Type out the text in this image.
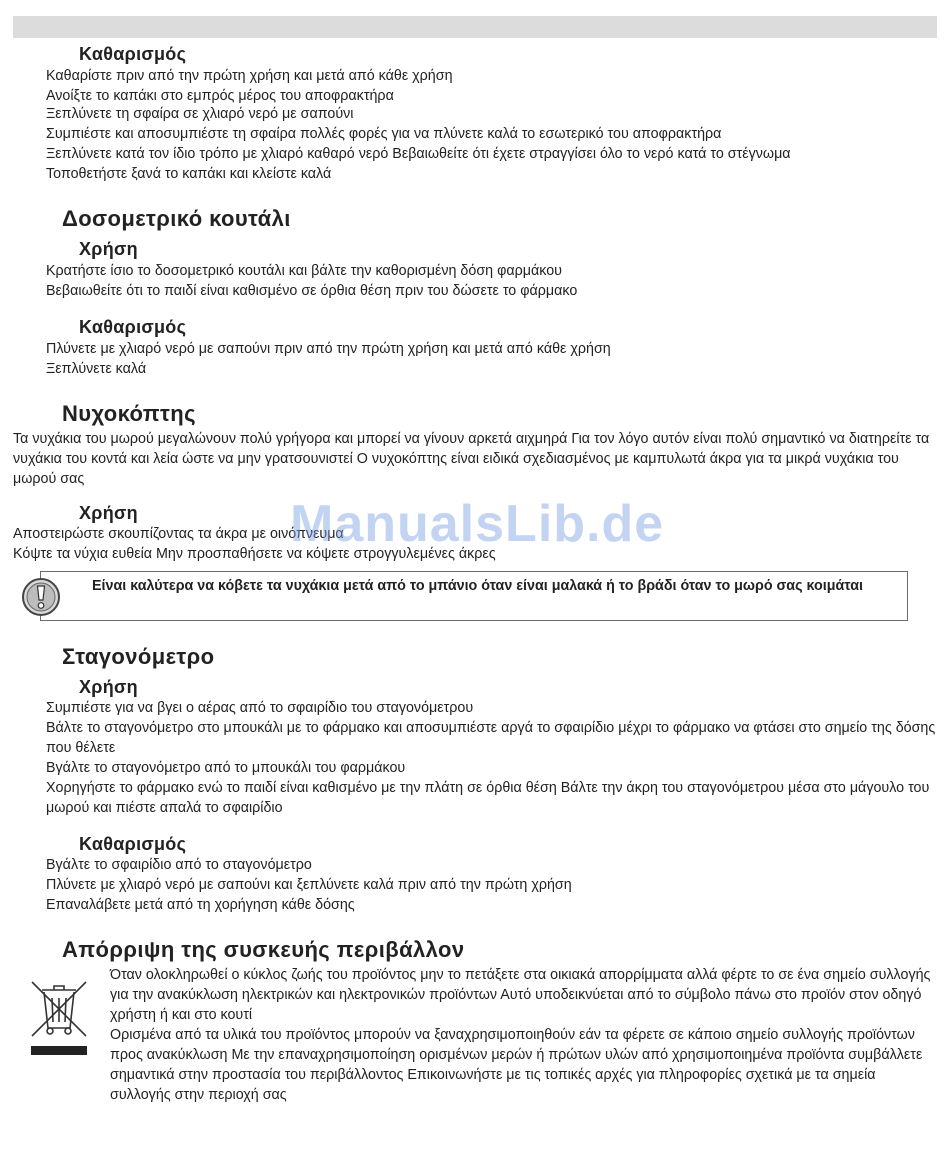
Καθαρισμός
Καθαρίστε πριν από την πρώτη χρήση και μετά από κάθε χρήση
Ανοίξτε το καπάκι στο εμπρός μέρος του αποφρακτήρα
Ξεπλύνετε τη σφαίρα σε χλιαρό νερό με σαπούνι
Συμπιέστε και αποσυμπιέστε τη σφαίρα πολλές φορές για να πλύνετε καλά το εσωτερικό του αποφρακτήρα
Ξεπλύνετε κατά τον ίδιο τρόπο με χλιαρό καθαρό νερό Βεβαιωθείτε ότι έχετε στραγγίσει όλο το νερό κατά το στέγνωμα
Τοποθετήστε ξανά το καπάκι και κλείστε καλά
Δοσομετρικό κουτάλι
Χρήση
Κρατήστε ίσιο το δοσομετρικό κουτάλι και βάλτε την καθορισμένη δόση φαρμάκου
Βεβαιωθείτε ότι το παιδί είναι καθισμένο σε όρθια θέση πριν του δώσετε το φάρμακο
Καθαρισμός
Πλύνετε με χλιαρό νερό με σαπούνι πριν από την πρώτη χρήση και μετά από κάθε χρήση
Ξεπλύνετε καλά
Νυχοκόπτης
Τα νυχάκια του μωρού μεγαλώνουν πολύ γρήγορα και μπορεί να γίνουν αρκετά αιχμηρά Για τον λόγο αυτόν είναι πολύ σημαντικό να διατηρείτε τα νυχάκια του κοντά και λεία ώστε να μην γρατσουνιστεί Ο νυχοκόπτης είναι ειδικά σχεδιασμένος με καμπυλωτά άκρα για τα μικρά νυχάκια του μωρού σας
Χρήση
Αποστειρώστε σκουπίζοντας τα άκρα με οινόπνευμα
Κόψτε τα νύχια ευθεία Μην προσπαθήσετε να κόψετε στρογγυλεμένες άκρες
Είναι καλύτερα να κόβετε τα νυχάκια μετά από το μπάνιο όταν είναι μαλακά ή το βράδι όταν το μωρό σας κοιμάται
Σταγονόμετρο
Χρήση
Συμπιέστε για να βγει ο αέρας από το σφαιρίδιο του σταγονόμετρου
Βάλτε το σταγονόμετρο στο μπουκάλι με το φάρμακο και αποσυμπιέστε αργά το σφαιρίδιο μέχρι το φάρμακο να φτάσει στο σημείο της δόσης που θέλετε
Βγάλτε το σταγονόμετρο από το μπουκάλι του φαρμάκου
Χορηγήστε το φάρμακο ενώ το παιδί είναι καθισμένο με την πλάτη σε όρθια θέση Βάλτε την άκρη του σταγονόμετρου μέσα στο μάγουλο του μωρού και πιέστε απαλά το σφαιρίδιο
Καθαρισμός
Βγάλτε το σφαιρίδιο από το σταγονόμετρο
Πλύνετε με χλιαρό νερό με σαπούνι και ξεπλύνετε καλά πριν από την πρώτη χρήση
Επαναλάβετε μετά από τη χορήγηση κάθε δόσης
Απόρριψη της συσκευής περιβάλλον
Όταν ολοκληρωθεί ο κύκλος ζωής του προϊόντος μην το πετάξετε στα οικιακά απορρίμματα αλλά φέρτε το σε ένα σημείο συλλογής για την ανακύκλωση ηλεκτρικών και ηλεκτρονικών προϊόντων Αυτό υποδεικνύεται από το σύμβολο πάνω στο προϊόν στον οδηγό χρήστη ή και στο κουτί
Ορισμένα από τα υλικά του προϊόντος μπορούν να ξαναχρησιμοποιηθούν εάν τα φέρετε σε κάποιο σημείο συλλογής προϊόντων προς ανακύκλωση Με την επαναχρησιμοποίηση ορισμένων μερών ή πρώτων υλών από χρησιμοποιημένα προϊόντα συμβάλλετε σημαντικά στην προστασία του περιβάλλοντος Επικοινωνήστε με τις τοπικές αρχές για πληροφορίες σχετικά με τα σημεία συλλογής στην περιοχή σας
ManualsLib.de
